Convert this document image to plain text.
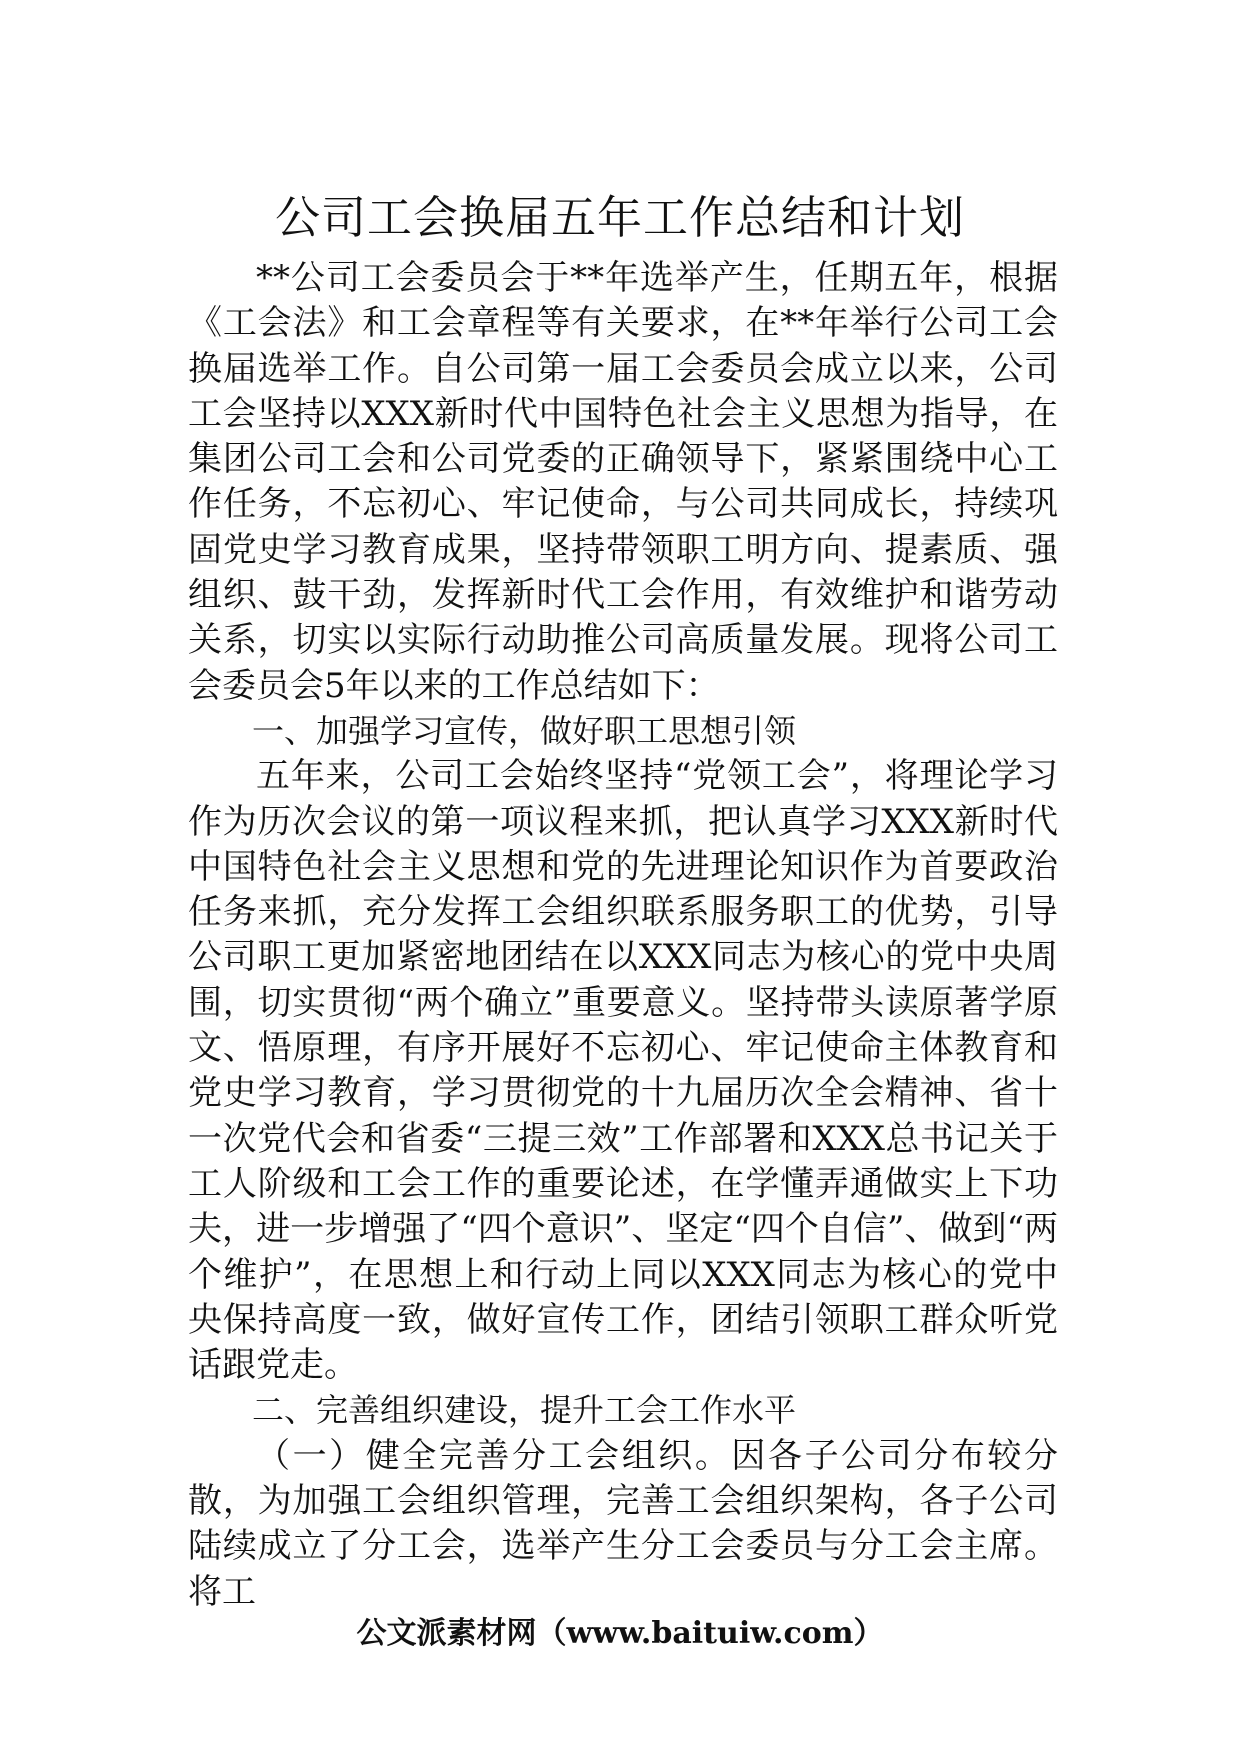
公司工会换届五年工作总结和计划

**公司工会委员会于**年选举产生，任期五年，根据《工会法》和工会章程等有关要求，在**年举行公司工会换届选举工作。自公司第一届工会委员会成立以来，公司工会坚持以XXX新时代中国特色社会主义思想为指导，在集团公司工会和公司党委的正确领导下，紧紧围绕中心工作任务，不忘初心、牢记使命，与公司共同成长，持续巩固党史学习教育成果，坚持带领职工明方向、提素质、强组织、鼓干劲，发挥新时代工会作用，有效维护和谐劳动关系，切实以实际行动助推公司高质量发展。现将公司工会委员会5年以来的工作总结如下：

一、加强学习宣传，做好职工思想引领

五年来，公司工会始终坚持“党领工会”，将理论学习作为历次会议的第一项议程来抓，把认真学习XXX新时代中国特色社会主义思想和党的先进理论知识作为首要政治任务来抓，充分发挥工会组织联系服务职工的优势，引导公司职工更加紧密地团结在以XXX同志为核心的党中央周围，切实贯彻“两个确立”重要意义。坚持带头读原著学原文、悟原理，有序开展好不忘初心、牢记使命主体教育和党史学习教育，学习贯彻党的十九届历次全会精神、省十一次党代会和省委“三提三效”工作部署和XXX总书记关于工人阶级和工会工作的重要论述，在学懂弄通做实上下功夫，进一步增强了“四个意识”、坚定“四个自信”、做到“两个维护”，在思想上和行动上同以XXX同志为核心的党中央保持高度一致，做好宣传工作，团结引领职工群众听党话跟党走。

二、完善组织建设，提升工会工作水平

（一）健全完善分工会组织。因各子公司分布较分散，为加强工会组织管理，完善工会组织架构，各子公司陆续成立了分工会，选举产生分工会委员与分工会主席。将工

公文派素材网（www.baituiw.com）
